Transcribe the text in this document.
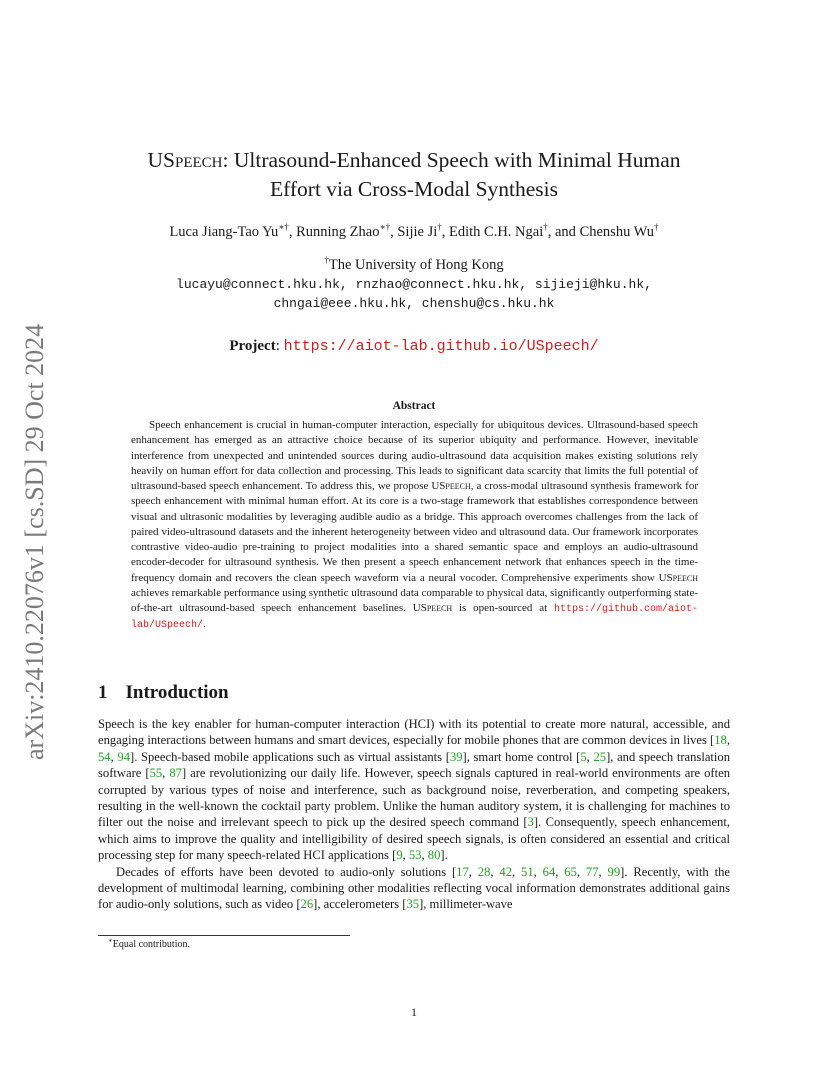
arXiv:2410.22076v1 [cs.SD] 29 Oct 2024
USpeech: Ultrasound-Enhanced Speech with Minimal Human
Effort via Cross-Modal Synthesis
Luca Jiang-Tao Yu∗†, Running Zhao∗†, Sijie Ji†, Edith C.H. Ngai†, and Chenshu Wu†
†The University of Hong Kong
lucayu@connect.hku.hk, rnzhao@connect.hku.hk, sijieji@hku.hk,
chngai@eee.hku.hk, chenshu@cs.hku.hk
Project: https://aiot-lab.github.io/USpeech/
Abstract
Speech enhancement is crucial in human-computer interaction, especially for ubiquitous devices. Ultrasound-based speech enhancement has emerged as an attractive choice because of its superior ubiquity and performance. However, inevitable interference from unexpected and unintended sources during audio-ultrasound data acquisition makes existing solutions rely heavily on human effort for data collection and processing. This leads to significant data scarcity that limits the full potential of ultrasound-based speech enhancement. To address this, we propose USpeech, a cross-modal ultrasound synthesis framework for speech enhancement with minimal human effort. At its core is a two-stage framework that establishes correspondence between visual and ultrasonic modalities by leveraging audible audio as a bridge. This approach overcomes challenges from the lack of paired video-ultrasound datasets and the inherent heterogeneity between video and ultrasound data. Our framework incorporates contrastive video-audio pre-training to project modalities into a shared semantic space and employs an audio-ultrasound encoder-decoder for ultrasound synthesis. We then present a speech enhancement network that enhances speech in the time-frequency domain and recovers the clean speech waveform via a neural vocoder. Comprehensive experiments show USpeech achieves remarkable performance using synthetic ultrasound data comparable to physical data, significantly outperforming state-of-the-art ultrasound-based speech enhancement baselines. USpeech is open-sourced at https://github.com/aiot-lab/USpeech/.
1 Introduction

Speech is the key enabler for human-computer interaction (HCI) with its potential to create more natural, accessible, and engaging interactions between humans and smart devices, especially for mobile phones that are common devices in lives [18, 54, 94]. Speech-based mobile applications such as virtual assistants [39], smart home control [5, 25], and speech translation software [55, 87] are revolutionizing our daily life. However, speech signals captured in real-world environments are often corrupted by various types of noise and interference, such as background noise, reverberation, and competing speakers, resulting in the well-known the cocktail party problem. Unlike the human auditory system, it is challenging for machines to filter out the noise and irrelevant speech to pick up the desired speech command [3]. Consequently, speech enhancement, which aims to improve the quality and intelligibility of desired speech signals, is often considered an essential and critical processing step for many speech-related HCI applications [9, 53, 80].

Decades of efforts have been devoted to audio-only solutions [17, 28, 42, 51, 64, 65, 77, 99]. Recently, with the development of multimodal learning, combining other modalities reflecting vocal information demonstrates additional gains for audio-only solutions, such as video [26], accelerometers [35], millimeter-wave

∗Equal contribution.
1
